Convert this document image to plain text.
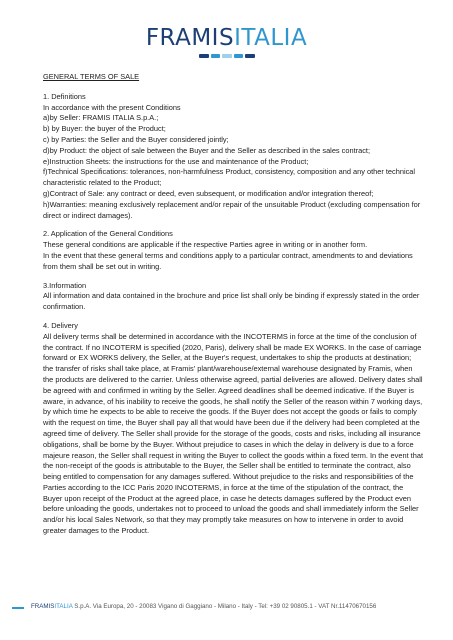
FRAMISITALIA

GENERAL TERMS OF SALE

1. Definitions

In accordance with the present Conditions

a)by Seller: FRAMIS ITALIA S.p.A.;

b) by Buyer: the buyer of the Product;

c) by Parties: the Seller and the Buyer considered jointly;

d)by Product: the object of sale between the Buyer and the Seller as described in the sales contract;

e)Instruction Sheets: the instructions for the use and maintenance of the Product;

f)Technical Specifications: tolerances, non-harmfulness Product, consistency, composition and any other technical characteristic related to the Product;

g)Contract of Sale: any contract or deed, even subsequent, or modification and/or integration thereof;

h)Warranties: meaning exclusively replacement and/or repair of the unsuitable Product (excluding compensation for direct or indirect damages).

2. Application of the General Conditions

These general conditions are applicable if the respective Parties agree in writing or in another form.

In the event that these general terms and conditions apply to a particular contract, amendments to and deviations from them shall be set out in writing.

3.Information

All information and data contained in the brochure and price list shall only be binding if expressly stated in the order confirmation.

4. Delivery

All delivery terms shall be determined in accordance with the INCOTERMS in force at the time of the conclusion of the contract. If no INCOTERM is specified (2020, Paris), delivery shall be made EX WORKS. In the case of carriage forward or EX WORKS delivery, the Seller, at the Buyer's request, undertakes to ship the products at destination; the transfer of risks shall take place, at Framis' plant/warehouse/external warehouse designated by Framis, when the products are delivered to the carrier. Unless otherwise agreed, partial deliveries are allowed. Delivery dates shall be agreed with and confirmed in writing by the Seller. Agreed deadlines shall be deemed indicative. If the Buyer is aware, in advance, of his inability to receive the goods, he shall notify the Seller of the reason within 7 working days, by which time he expects to be able to receive the goods. If the Buyer does not accept the goods or fails to comply with the request on time, the Buyer shall pay all that would have been due if the delivery had been completed at the agreed time of delivery. The Seller shall provide for the storage of the goods, costs and risks, including all insurance obligations, shall be borne by the Buyer. Without prejudice to cases in which the delay in delivery is due to a force majeure reason, the Seller shall request in writing the Buyer to collect the goods within a fixed term. In the event that the non-receipt of the goods is attributable to the Buyer, the Seller shall be entitled to terminate the contract, also being entitled to compensation for any damages suffered. Without prejudice to the risks and responsibilities of the Parties according to the ICC Paris 2020 INCOTERMS, in force at the time of the stipulation of the contract, the Buyer upon receipt of the Product at the agreed place, in case he detects damages suffered by the Product even before unloading the goods, undertakes not to proceed to unload the goods and shall immediately inform the Seller and/or his local Sales Network, so that they may promptly take measures on how to intervene in order to avoid greater damages to the Product.

FRAMISITALIA S.p.A. Via Europa, 20 - 20083 Vigano di Gaggiano - Milano - Italy - Tel: +39 02 90805.1 - VAT Nr.11470670156
